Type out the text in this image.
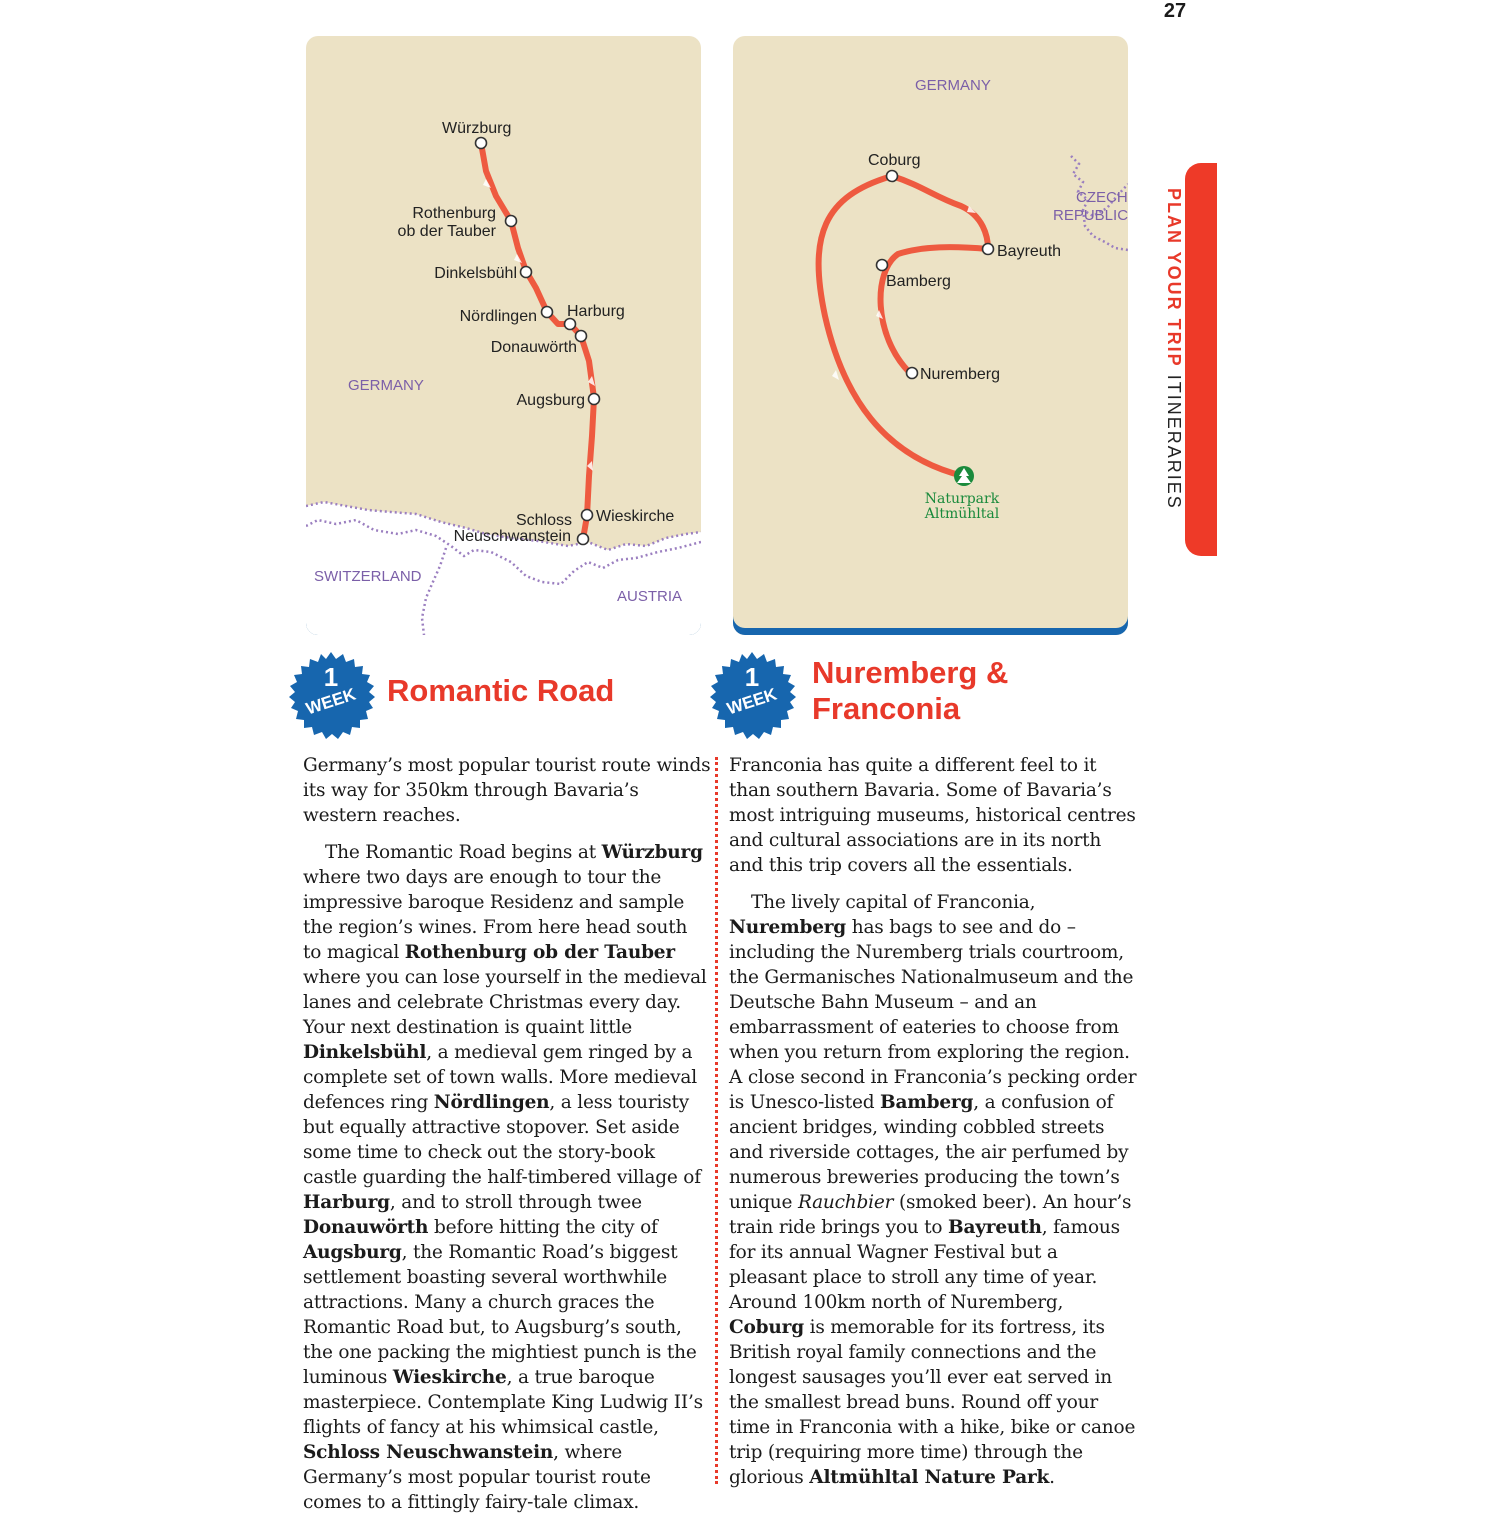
27
PLAN YOUR TRIP ITINERARIES
Würzburg
Rothenburg
ob der Tauber
Dinkelsbühl
Nördlingen Harburg
Donauwörth
Augsburg
Wieskirche
Schloss
Neuschwanstein
GERMANY
SWITZERLAND
AUSTRIA
Coburg
Bayreuth
Bamberg
Nuremberg
GERMANY
CZECH
REPUBLIC
Naturpark
Altmühltal
1
WEEK
1
WEEK
Romantic Road
Nuremberg &
Franconia

Germany’s most popular tourist route winds its way for 350km through Bavaria’s western reaches.

The Romantic Road begins at Würzburg where two days are enough to tour the impressive baroque Residenz and sample the region’s wines. From here head south to magical Rothenburg ob der Tauber where you can lose yourself in the medieval lanes and celebrate Christmas every day. Your next destination is quaint little Dinkelsbühl, a medieval gem ringed by a complete set of town walls. More medieval defences ring Nördlingen, a less touristy but equally attractive stopover. Set aside some time to check out the story-book castle guarding the half-timbered village of Harburg, and to stroll through twee Donauwörth before hitting the city of Augsburg, the Romantic Road’s biggest settlement boasting several worthwhile attractions. Many a church graces the Romantic Road but, to Augsburg’s south, the one packing the mightiest punch is the luminous Wieskirche, a true baroque masterpiece. Contemplate King Ludwig II’s flights of fancy at his whimsical castle, Schloss Neuschwanstein, where Germany’s most popular tourist route comes to a fittingly fairy-tale climax.

Franconia has quite a different feel to it than southern Bavaria. Some of Bavaria’s most intriguing museums, historical centres and cultural associations are in its north and this trip covers all the essentials.

The lively capital of Franconia, Nuremberg has bags to see and do – including the Nuremberg trials courtroom, the Germanisches Nationalmuseum and the Deutsche Bahn Museum – and an embarrassment of eateries to choose from when you return from exploring the region. A close second in Franconia’s pecking order is Unesco-listed Bamberg, a confusion of ancient bridges, winding cobbled streets and riverside cottages, the air perfumed by numerous breweries producing the town’s unique Rauchbier (smoked beer). An hour’s train ride brings you to Bayreuth, famous for its annual Wagner Festival but a pleasant place to stroll any time of year. Around 100km north of Nuremberg, Coburg is memorable for its fortress, its British royal family connections and the longest sausages you’ll ever eat served in the smallest bread buns. Round off your time in Franconia with a hike, bike or canoe trip (requiring more time) through the glorious Altmühltal Nature Park.
